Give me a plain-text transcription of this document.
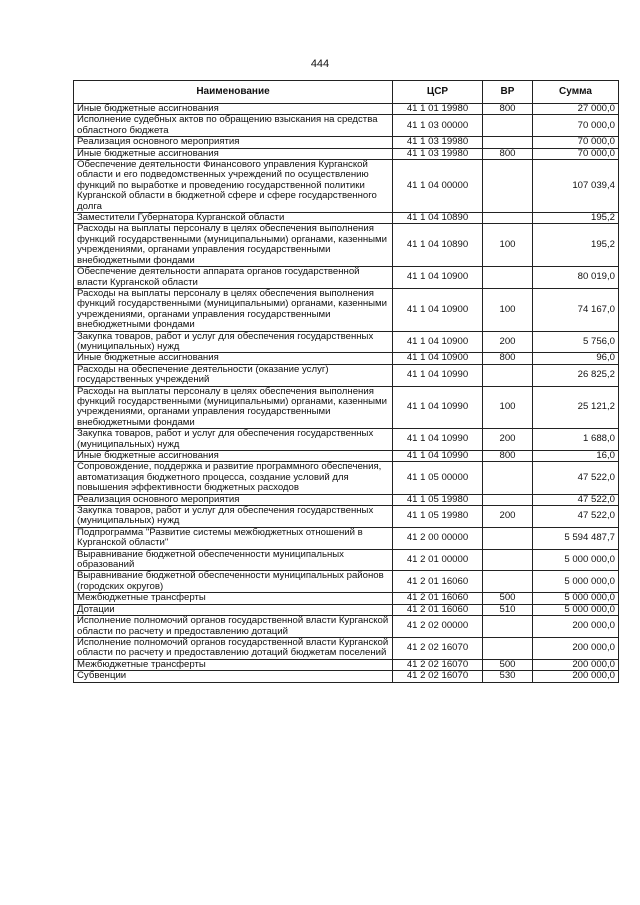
444
Наименование	ЦСР	ВР	Сумма
Иные бюджетные ассигнования	41 1 01 19980	800	27 000,0
Исполнение судебных актов по обращению взыскания на средства областного бюджета	41 1 03 00000		70 000,0
Реализация основного мероприятия	41 1 03 19980		70 000,0
Иные бюджетные ассигнования	41 1 03 19980	800	70 000,0
Обеспечение деятельности Финансового управления Курганской области и его подведомственных учреждений по осуществлению функций по выработке и проведению государственной политики Курганской области в бюджетной сфере и сфере государственного долга	41 1 04 00000		107 039,4
Заместители Губернатора Курганской области	41 1 04 10890		195,2
Расходы на выплаты персоналу в целях обеспечения выполнения функций государственными (муниципальными) органами, казенными учреждениями, органами управления государственными внебюджетными фондами	41 1 04 10890	100	195,2
Обеспечение деятельности аппарата органов государственной власти Курганской области	41 1 04 10900		80 019,0
Расходы на выплаты персоналу в целях обеспечения выполнения функций государственными (муниципальными) органами, казенными учреждениями, органами управления государственными внебюджетными фондами	41 1 04 10900	100	74 167,0
Закупка товаров, работ и услуг для обеспечения государственных (муниципальных) нужд	41 1 04 10900	200	5 756,0
Иные бюджетные ассигнования	41 1 04 10900	800	96,0
Расходы на обеспечение деятельности (оказание услуг) государственных учреждений	41 1 04 10990		26 825,2
Расходы на выплаты персоналу в целях обеспечения выполнения функций государственными (муниципальными) органами, казенными учреждениями, органами управления государственными внебюджетными фондами	41 1 04 10990	100	25 121,2
Закупка товаров, работ и услуг для обеспечения государственных (муниципальных) нужд	41 1 04 10990	200	1 688,0
Иные бюджетные ассигнования	41 1 04 10990	800	16,0
Сопровождение, поддержка и развитие программного обеспечения, автоматизация бюджетного процесса, создание условий для повышения эффективности бюджетных расходов	41 1 05 00000		47 522,0
Реализация основного мероприятия	41 1 05 19980		47 522,0
Закупка товаров, работ и услуг для обеспечения государственных (муниципальных) нужд	41 1 05 19980	200	47 522,0
Подпрограмма "Развитие системы межбюджетных отношений в Курганской области"	41 2 00 00000		5 594 487,7
Выравнивание бюджетной обеспеченности муниципальных образований	41 2 01 00000		5 000 000,0
Выравнивание бюджетной обеспеченности муниципальных районов (городских округов)	41 2 01 16060		5 000 000,0
Межбюджетные трансферты	41 2 01 16060	500	5 000 000,0
Дотации	41 2 01 16060	510	5 000 000,0
Исполнение полномочий органов государственной власти Курганской области по расчету и предоставлению дотаций	41 2 02 00000		200 000,0
Исполнение полномочий органов государственной власти Курганской области по расчету и предоставлению дотаций бюджетам поселений	41 2 02 16070		200 000,0
Межбюджетные трансферты	41 2 02 16070	500	200 000,0
Субвенции	41 2 02 16070	530	200 000,0
